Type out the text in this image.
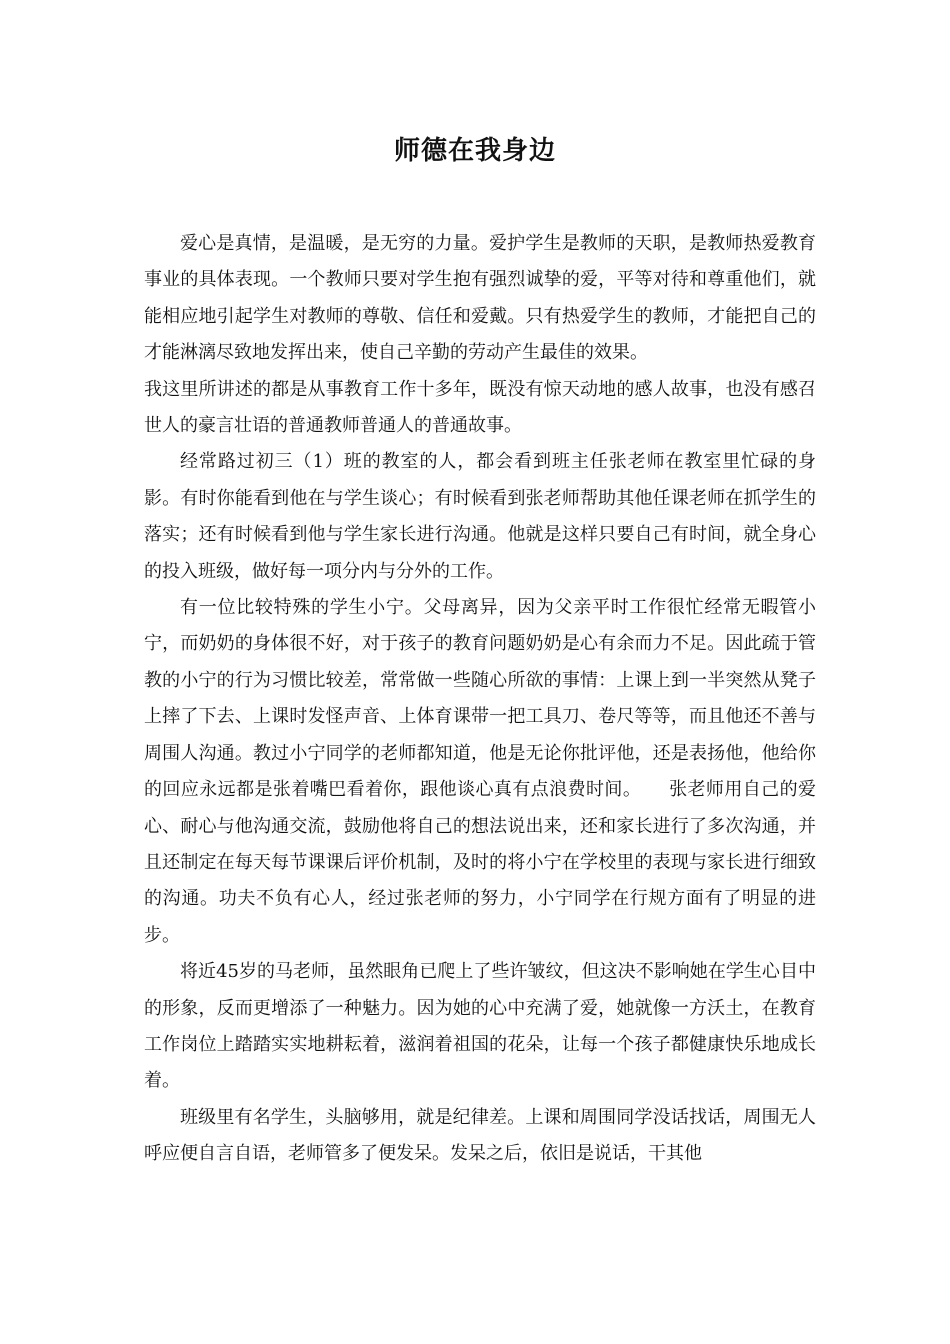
师德在我身边

爱心是真情，是温暖，是无穷的力量。爱护学生是教师的天职，是教师热爱教育事业的具体表现。一个教师只要对学生抱有强烈诚挚的爱，平等对待和尊重他们，就能相应地引起学生对教师的尊敬、信任和爱戴。只有热爱学生的教师，才能把自己的才能淋漓尽致地发挥出来，使自己辛勤的劳动产生最佳的效果。

我这里所讲述的都是从事教育工作十多年，既没有惊天动地的感人故事，也没有感召世人的豪言壮语的普通教师普通人的普通故事。

经常路过初三（1）班的教室的人，都会看到班主任张老师在教室里忙碌的身影。有时你能看到他在与学生谈心；有时候看到张老师帮助其他任课老师在抓学生的落实；还有时候看到他与学生家长进行沟通。他就是这样只要自己有时间，就全身心的投入班级，做好每一项分内与分外的工作。

有一位比较特殊的学生小宁。父母离异，因为父亲平时工作很忙经常无暇管小宁，而奶奶的身体很不好，对于孩子的教育问题奶奶是心有余而力不足。因此疏于管教的小宁的行为习惯比较差，常常做一些随心所欲的事情：上课上到一半突然从凳子上摔了下去、上课时发怪声音、上体育课带一把工具刀、卷尺等等，而且他还不善与周围人沟通。教过小宁同学的老师都知道，他是无论你批评他，还是表扬他，他给你的回应永远都是张着嘴巴看着你，跟他谈心真有点浪费时间。　　张老师用自己的爱心、耐心与他沟通交流，鼓励他将自己的想法说出来，还和家长进行了多次沟通，并且还制定在每天每节课课后评价机制，及时的将小宁在学校里的表现与家长进行细致的沟通。功夫不负有心人，经过张老师的努力，小宁同学在行规方面有了明显的进步。

将近45岁的马老师，虽然眼角已爬上了些许皱纹，但这决不影响她在学生心目中的形象，反而更增添了一种魅力。因为她的心中充满了爱，她就像一方沃土，在教育工作岗位上踏踏实实地耕耘着，滋润着祖国的花朵，让每一个孩子都健康快乐地成长着。

班级里有名学生，头脑够用，就是纪律差。上课和周围同学没话找话，周围无人呼应便自言自语，老师管多了便发呆。发呆之后，依旧是说话，干其他
